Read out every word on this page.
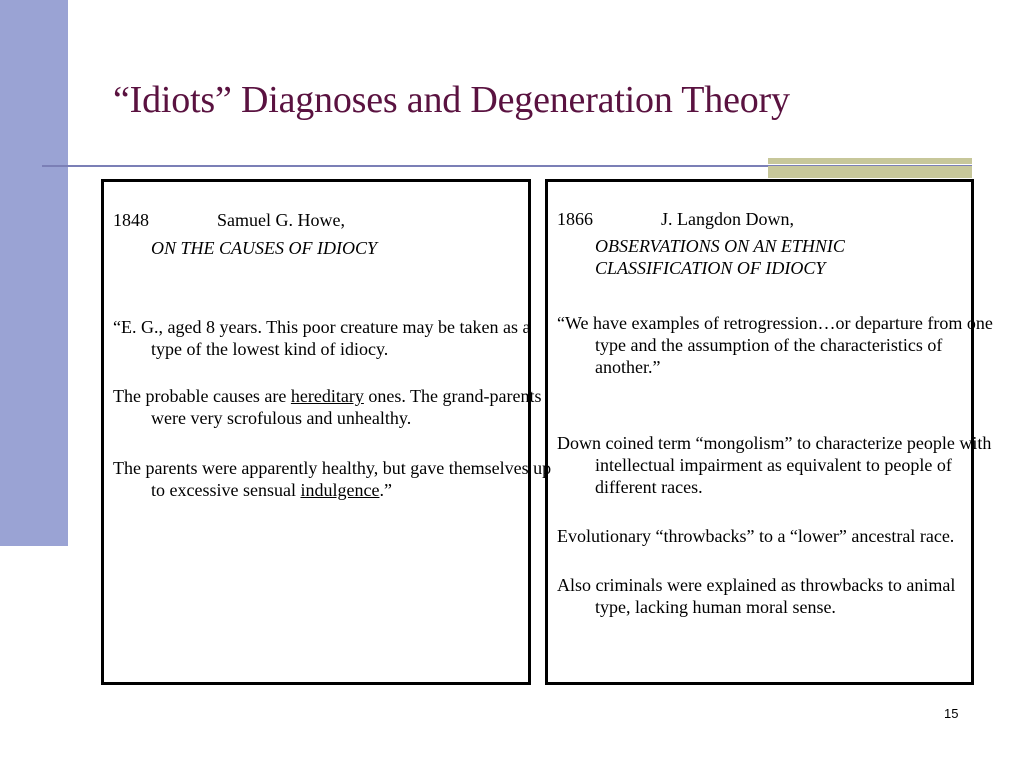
“Idiots” Diagnoses and Degeneration Theory
1848	Samuel G. Howe,
ON THE CAUSES OF IDIOCY
“E. G., aged 8 years. This poor creature may be taken as a type of the lowest kind of idiocy.
The probable causes are hereditary ones. The grand-parents were very scrofulous and unhealthy.
The parents were apparently healthy, but gave themselves up to excessive sensual indulgence.”
1866	J. Langdon Down,
OBSERVATIONS ON AN ETHNIC
CLASSIFICATION OF IDIOCY
“We have examples of retrogression…or departure from one type and the assumption of the characteristics of another.”
Down coined term “mongolism” to characterize people with intellectual impairment as equivalent to people of different races.
Evolutionary “throwbacks” to a “lower” ancestral race.
Also criminals were explained as throwbacks to animal type, lacking human moral sense.
15
